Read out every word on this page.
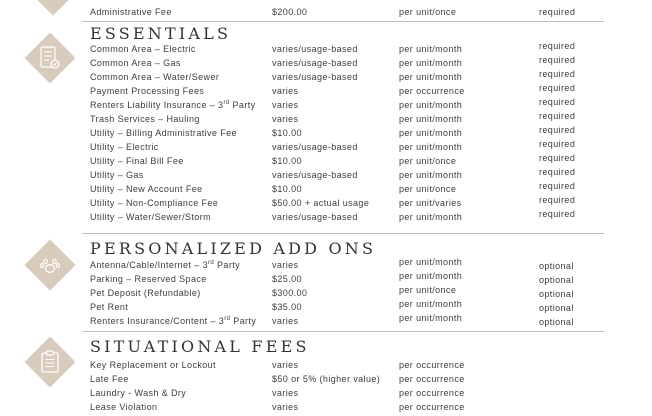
Administrative Fee	$200.00	per unit/once	required
ESSENTIALS
Common Area – Electric	varies/usage-based	per unit/month	required
Common Area – Gas	varies/usage-based	per unit/month	required
Common Area – Water/Sewer	varies/usage-based	per unit/month	required
Payment Processing Fees	varies	per occurrence	required
Renters Liability Insurance – 3rd Party varies	per unit/month	required
Trash Services – Hauling	varies	per unit/month	required
Utility – Billing Administrative Fee	$10.00	per unit/month	required
Utility – Electric	varies/usage-based	per unit/month	required
Utility – Final Bill Fee	$10.00	per unit/once	required
Utility – Gas	varies/usage-based	per unit/month	required
Utility – New Account Fee	$10.00	per unit/once	required
Utility – Non-Compliance Fee	$50.00 + actual usage	per unit/varies	required
Utility – Water/Sewer/Storm	varies/usage-based	per unit/month	required
PERSONALIZED ADD ONS
Antenna/Cable/Internet – 3rd Party	varies	per unit/month	optional
Parking – Reserved Space	$25.00	per unit/month	optional
Pet Deposit (Refundable)	$300.00	per unit/once	optional
Pet Rent	$35.00	per unit/month	optional
Renters Insurance/Content – 3rd Party varies	per unit/month	optional
SITUATIONAL FEES
Key Replacement or Lockout	varies	per occurrence
Late Fee	$50 or 5% (higher value) per occurrence
Laundry - Wash & Dry	varies	per occurrence
Lease Violation	varies	per occurrence
